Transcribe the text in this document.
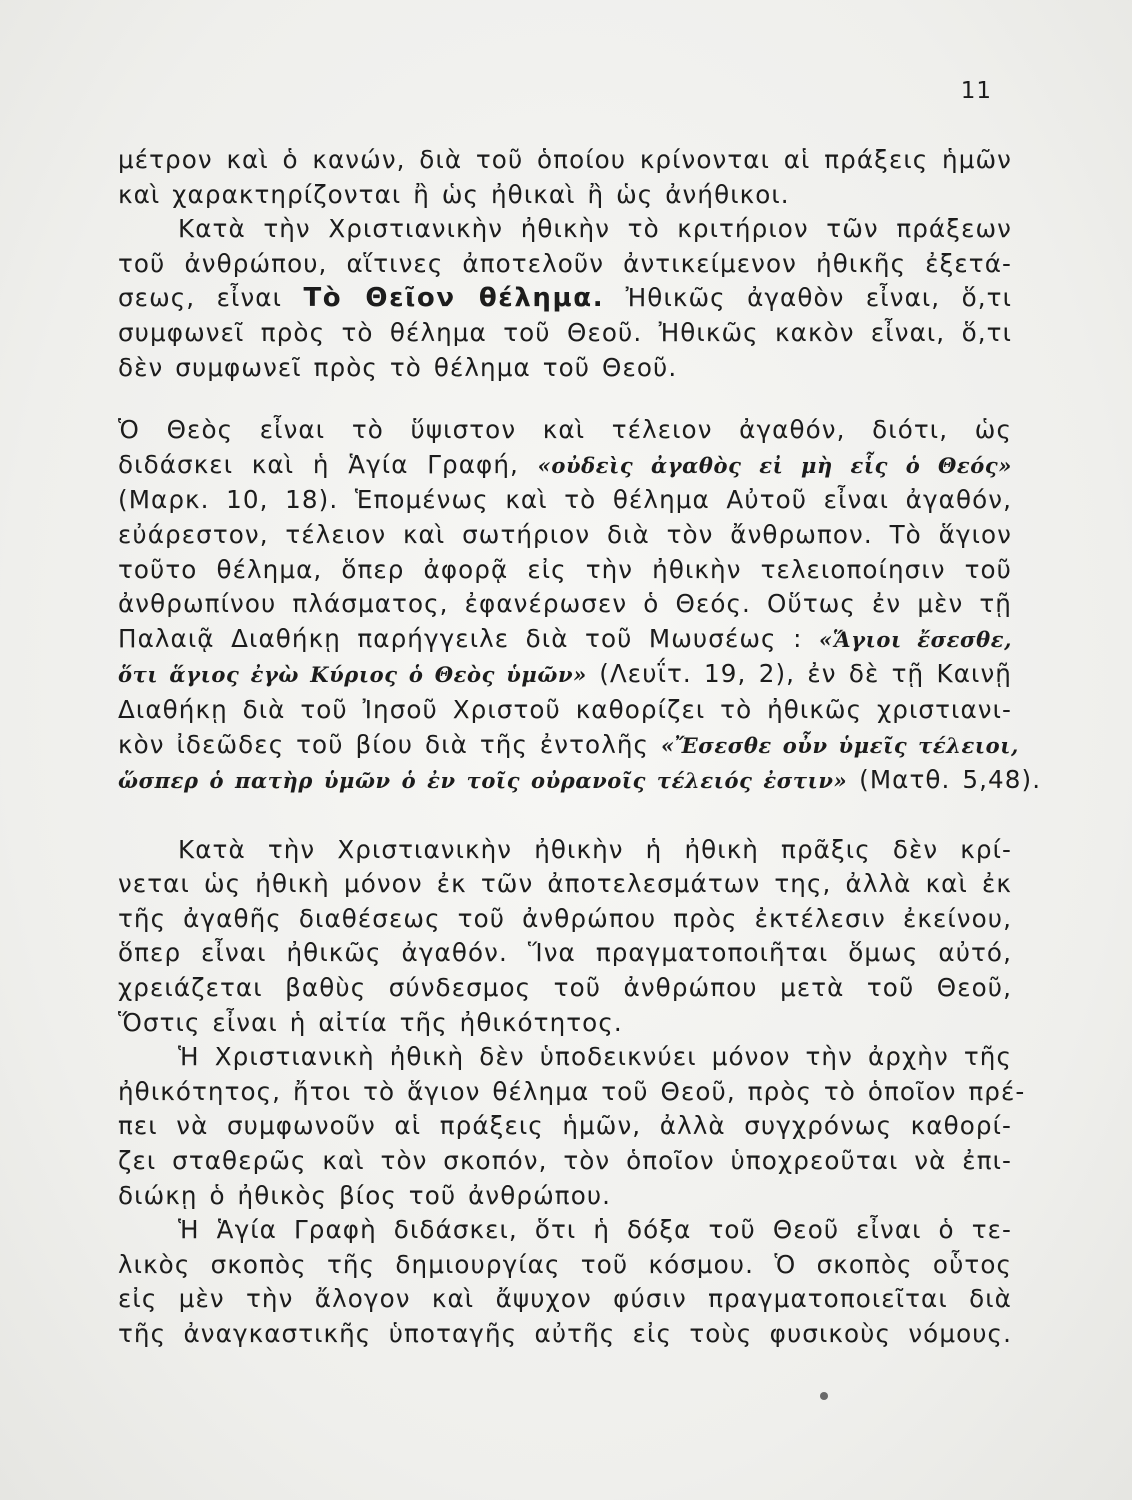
11
μέτρον καὶ ὁ κανών, διὰ τοῦ ὁποίου κρίνονται αἱ πράξεις ἡμῶν
καὶ χαρακτηρίζονται ἢ ὡς ἠθικαὶ ἢ ὡς ἀνήθικοι.
Κατὰ τὴν Χριστιανικὴν ἠθικὴν τὸ κριτήριον τῶν πράξεων
τοῦ ἀνθρώπου, αἵτινες ἀποτελοῦν ἀντικείμενον ἠθικῆς ἐξετά-
σεως, εἶναι Τὸ Θεῖον θέλημα. Ἠθικῶς ἀγαθὸν εἶναι, ὅ,τι
συμφωνεῖ πρὸς τὸ θέλημα τοῦ Θεοῦ. Ἠθικῶς κακὸν εἶναι, ὅ,τι
δὲν συμφωνεῖ πρὸς τὸ θέλημα τοῦ Θεοῦ.
Ὁ Θεὸς εἶναι τὸ ὕψιστον καὶ τέλειον ἀγαθόν, διότι, ὡς
διδάσκει καὶ ἡ Ἁγία Γραφή, «οὐδεὶς ἀγαθὸς εἰ μὴ εἷς ὁ Θεός»
(Μαρκ. 10, 18). Ἑπομένως καὶ τὸ θέλημα Αὐτοῦ εἶναι ἀγαθόν,
εὐάρεστον, τέλειον καὶ σωτήριον διὰ τὸν ἄνθρωπον. Τὸ ἅγιον
τοῦτο θέλημα, ὅπερ ἀφορᾷ εἰς τὴν ἠθικὴν τελειοποίησιν τοῦ
ἀνθρωπίνου πλάσματος, ἐφανέρωσεν ὁ Θεός. Οὕτως ἐν μὲν τῇ
Παλαιᾷ Διαθήκῃ παρήγγειλε διὰ τοῦ Μωυσέως : «Ἅγιοι ἔσεσθε,
ὅτι ἅγιος ἐγὼ Κύριος ὁ Θεὸς ὑμῶν» (Λευΐτ. 19, 2), ἐν δὲ τῇ Καινῇ
Διαθήκῃ διὰ τοῦ Ἰησοῦ Χριστοῦ καθορίζει τὸ ἠθικῶς χριστιανι-
κὸν ἰδεῶδες τοῦ βίου διὰ τῆς ἐντολῆς «Ἔσεσθε οὖν ὑμεῖς τέλειοι,
ὥσπερ ὁ πατὴρ ὑμῶν ὁ ἐν τοῖς οὐρανοῖς τέλειός ἐστιν» (Ματθ. 5,48).
Κατὰ τὴν Χριστιανικὴν ἠθικὴν ἡ ἠθικὴ πρᾶξις δὲν κρί-
νεται ὡς ἠθικὴ μόνον ἐκ τῶν ἀποτελεσμάτων της, ἀλλὰ καὶ ἐκ
τῆς ἀγαθῆς διαθέσεως τοῦ ἀνθρώπου πρὸς ἐκτέλεσιν ἐκείνου,
ὅπερ εἶναι ἠθικῶς ἀγαθόν. Ἵνα πραγματοποιῆται ὅμως αὐτό,
χρειάζεται βαθὺς σύνδεσμος τοῦ ἀνθρώπου μετὰ τοῦ Θεοῦ,
Ὅστις εἶναι ἡ αἰτία τῆς ἠθικότητος.
Ἡ Χριστιανικὴ ἠθικὴ δὲν ὑποδεικνύει μόνον τὴν ἀρχὴν τῆς
ἠθικότητος, ἤτοι τὸ ἅγιον θέλημα τοῦ Θεοῦ, πρὸς τὸ ὁποῖον πρέ-
πει νὰ συμφωνοῦν αἱ πράξεις ἡμῶν, ἀλλὰ συγχρόνως καθορί-
ζει σταθερῶς καὶ τὸν σκοπόν, τὸν ὁποῖον ὑποχρεοῦται νὰ ἐπι-
διώκῃ ὁ ἠθικὸς βίος τοῦ ἀνθρώπου.
Ἡ Ἁγία Γραφὴ διδάσκει, ὅτι ἡ δόξα τοῦ Θεοῦ εἶναι ὁ τε-
λικὸς σκοπὸς τῆς δημιουργίας τοῦ κόσμου. Ὁ σκοπὸς οὗτος
εἰς μὲν τὴν ἄλογον καὶ ἄψυχον φύσιν πραγματοποιεῖται διὰ
τῆς ἀναγκαστικῆς ὑποταγῆς αὐτῆς εἰς τοὺς φυσικοὺς νόμους.
